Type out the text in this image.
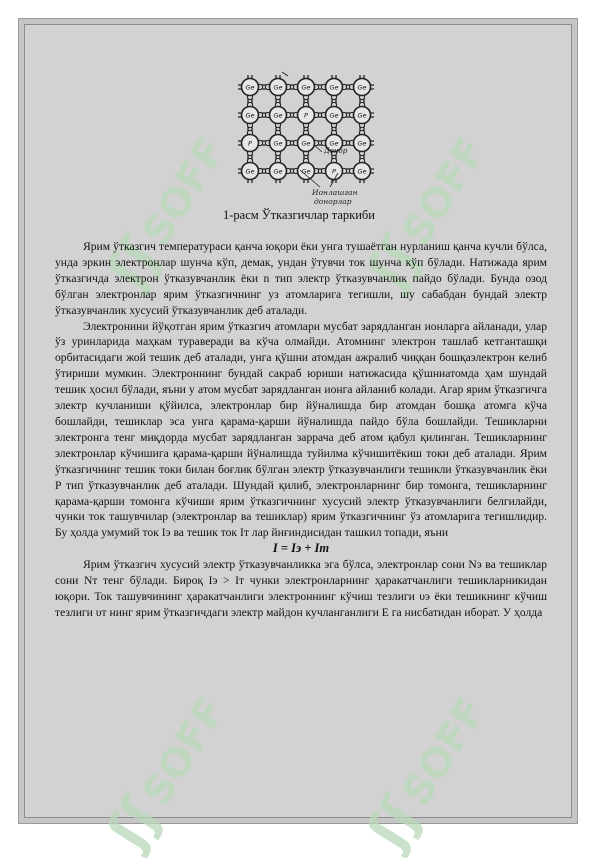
ʃʃSOFF
ʃʃSOFF
ʃʃSOFF
ʃʃSOFF
Ge	Ge	Ge	Ge	Ge
Ge	Ge	P	Ge	Ge
P	Ge	Ge	Ge	Ge
Ge	Ge	Ge	P	Ge
Донор
Ионлашган
донорлар
1-расм Ўтказгичлар таркиби

Ярим ўтказгич температураси қанча юқори ёки унга тушаётган нурланиш қанча кучли бўлса, унда эркин электронлар шунча кўп, демак, ундан ўтувчи ток шунча кўп бўлади. Натижада ярим ўтказгичда электрон ўтказувчанлик ёки n тип электр ўтказувчанлик пайдо бўлади. Бунда озод бўлган электронлар ярим ўтказгичнинг уз атомларига тегишли, шу сабабдан бундай электр ўтказувчанлик хусусий ўтказувчанлик деб аталади.

Электронини йўқотган ярим ўтказгич атомлари мусбат зарядланган ионларга айланади, улар ўз уринларида маҳкам тураверади ва кўча олмайди. Атомнинг электрон ташлаб кетганташқи орбитасидаги жой тешик деб аталади, унга қўшни атомдан ажралиб чиққан бошқаэлектрон келиб ўтириши мумкин. Электроннинг бундай сакраб юриши натижасида қўшниатомда ҳам шундай тешик ҳосил бўлади, яъни у атом мусбат зарядланган ионга айланиб колади. Агар ярим ўтказгичга электр кучланиши қўйилса, электронлар бир йўналишда бир атомдан бошқа атомга кўча бошлайди, тешиклар эса унга қарама-қарши йўналишда пайдо бўла бошлайди. Тешикларни электронга тенг миқдорда мусбат зарядланган заррача деб атом қабул қилинган. Тешикларнинг электронлар кўчишига қарама-қарши йўналишда туйилма кўчишитёкиш токи деб аталади. Ярим ўтказгичнинг тешик токи билан боғлик бўлган электр ўтказувчанлиги тешикли ўтказувчанлик ёки P тип ўтказувчанлик деб аталади. Шундай қилиб, электронларнинг бир томонга, тешикларнинг қарама-қарши томонга кўчиши ярим ўтказгичнинг хусусий электр ўтказувчанлиги белгилайди, чунки ток ташувчилар (электронлар ва тешиклар) ярим ўтказгичнинг ўз атомларига тегишлидир. Бу ҳолда умумий ток Iэ ва тешик ток Iт лар йиғиндисидан ташкил топади, яъни

I = Iэ + Iт

Ярим ўтказгич хусусий электр ўтказувчанликка эга бўлса, электронлар сони Nэ ва тешиклар сони Nт тенг бўлади. Бироқ Iэ > Iт чунки электронларнинг ҳаракатчанлиги тешикларникидан юқори. Ток ташувчининг ҳаракатчанлиги электроннинг кўчиш тезлиги υэ ёки тешикнинг кўчиш тезлиги υт нинг ярим ўтказгичдаги электр майдон кучланганлиги E га нисбатидан иборат. У ҳолда
